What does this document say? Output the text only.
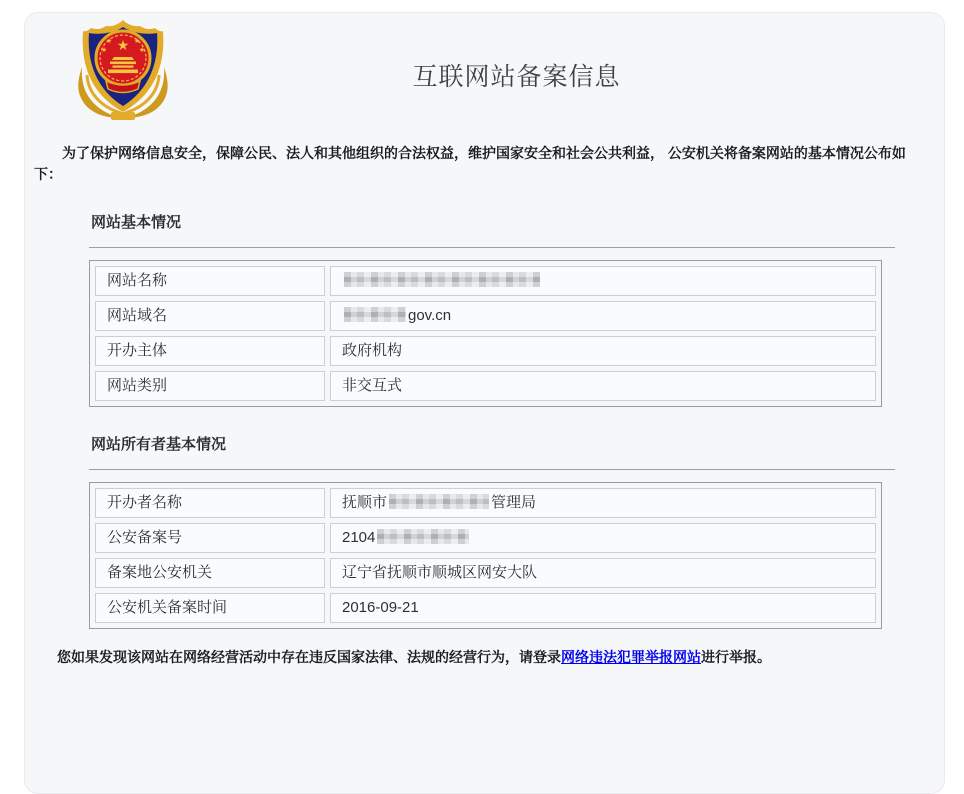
★
★	★
★	★
互联网站备案信息

为了保护网络信息安全，保障公民、法人和其他组织的合法权益，维护国家安全和社会公共利益， 公安机关将备案网站的基本情况公布如下：

网站基本情况
网站名称	
网站域名	gov.cn
开办主体	政府机构
网站类别	非交互式
网站所有者基本情况
开办者名称	抚顺市 管理局
公安备案号	2104
备案地公安机关	辽宁省抚顺市顺城区网安大队
公安机关备案时间	2016-09-21

您如果发现该网站在网络经营活动中存在违反国家法律、法规的经营行为，请登录网络违法犯罪举报网站进行举报。
